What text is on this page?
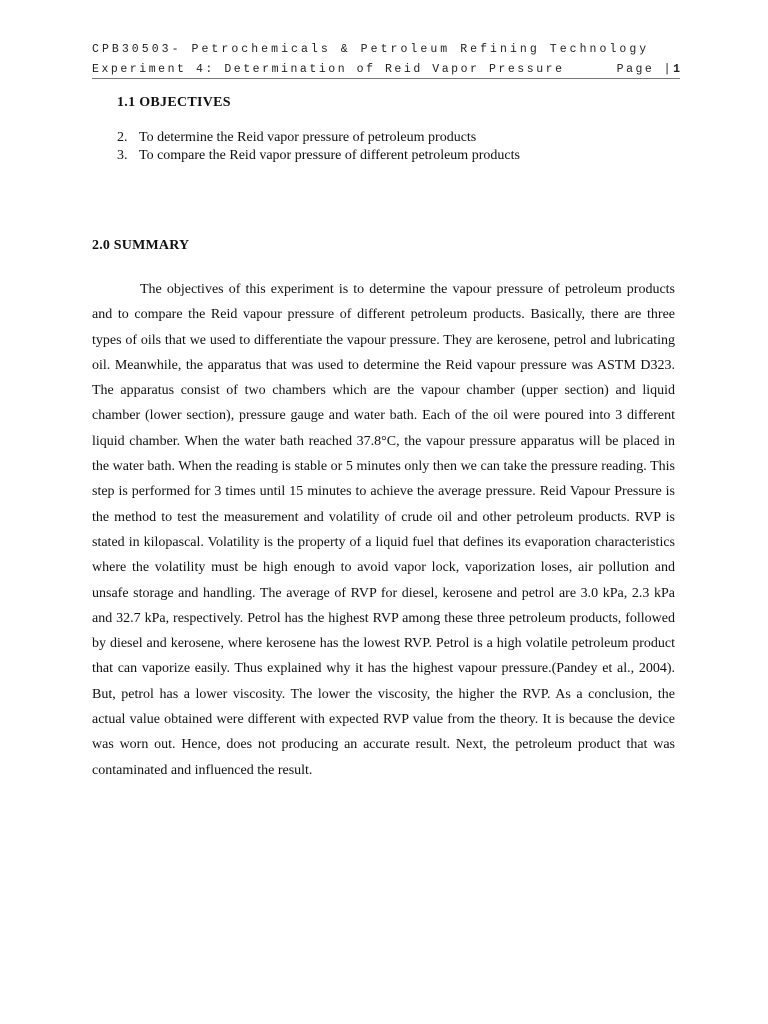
CPB30503- Petrochemicals & Petroleum Refining Technology
Experiment 4: Determination of Reid Vapor Pressure	Page |1
1.1 OBJECTIVES
2. To determine the Reid vapor pressure of petroleum products
3. To compare the Reid vapor pressure of different petroleum products
2.0 SUMMARY

The objectives of this experiment is to determine the vapour pressure of petroleum products and to compare the Reid vapour pressure of different petroleum products. Basically, there are three types of oils that we used to differentiate the vapour pressure. They are kerosene, petrol and lubricating oil. Meanwhile, the apparatus that was used to determine the Reid vapour pressure was ASTM D323. The apparatus consist of two chambers which are the vapour chamber (upper section) and liquid chamber (lower section), pressure gauge and water bath. Each of the oil were poured into 3 different liquid chamber. When the water bath reached 37.8°C, the vapour pressure apparatus will be placed in the water bath. When the reading is stable or 5 minutes only then we can take the pressure reading. This step is performed for 3 times until 15 minutes to achieve the average pressure. Reid Vapour Pressure is the method to test the measurement and volatility of crude oil and other petroleum products. RVP is stated in kilopascal. Volatility is the property of a liquid fuel that defines its evaporation characteristics where the volatility must be high enough to avoid vapor lock, vaporization loses, air pollution and unsafe storage and handling. The average of RVP for diesel, kerosene and petrol are 3.0 kPa, 2.3 kPa and 32.7 kPa, respectively. Petrol has the highest RVP among these three petroleum products, followed by diesel and kerosene, where kerosene has the lowest RVP. Petrol is a high volatile petroleum product that can vaporize easily. Thus explained why it has the highest vapour pressure.(Pandey et al., 2004). But, petrol has a lower viscosity. The lower the viscosity, the higher the RVP. As a conclusion, the actual value obtained were different with expected RVP value from the theory. It is because the device was worn out. Hence, does not producing an accurate result. Next, the petroleum product that was contaminated and influenced the result.
